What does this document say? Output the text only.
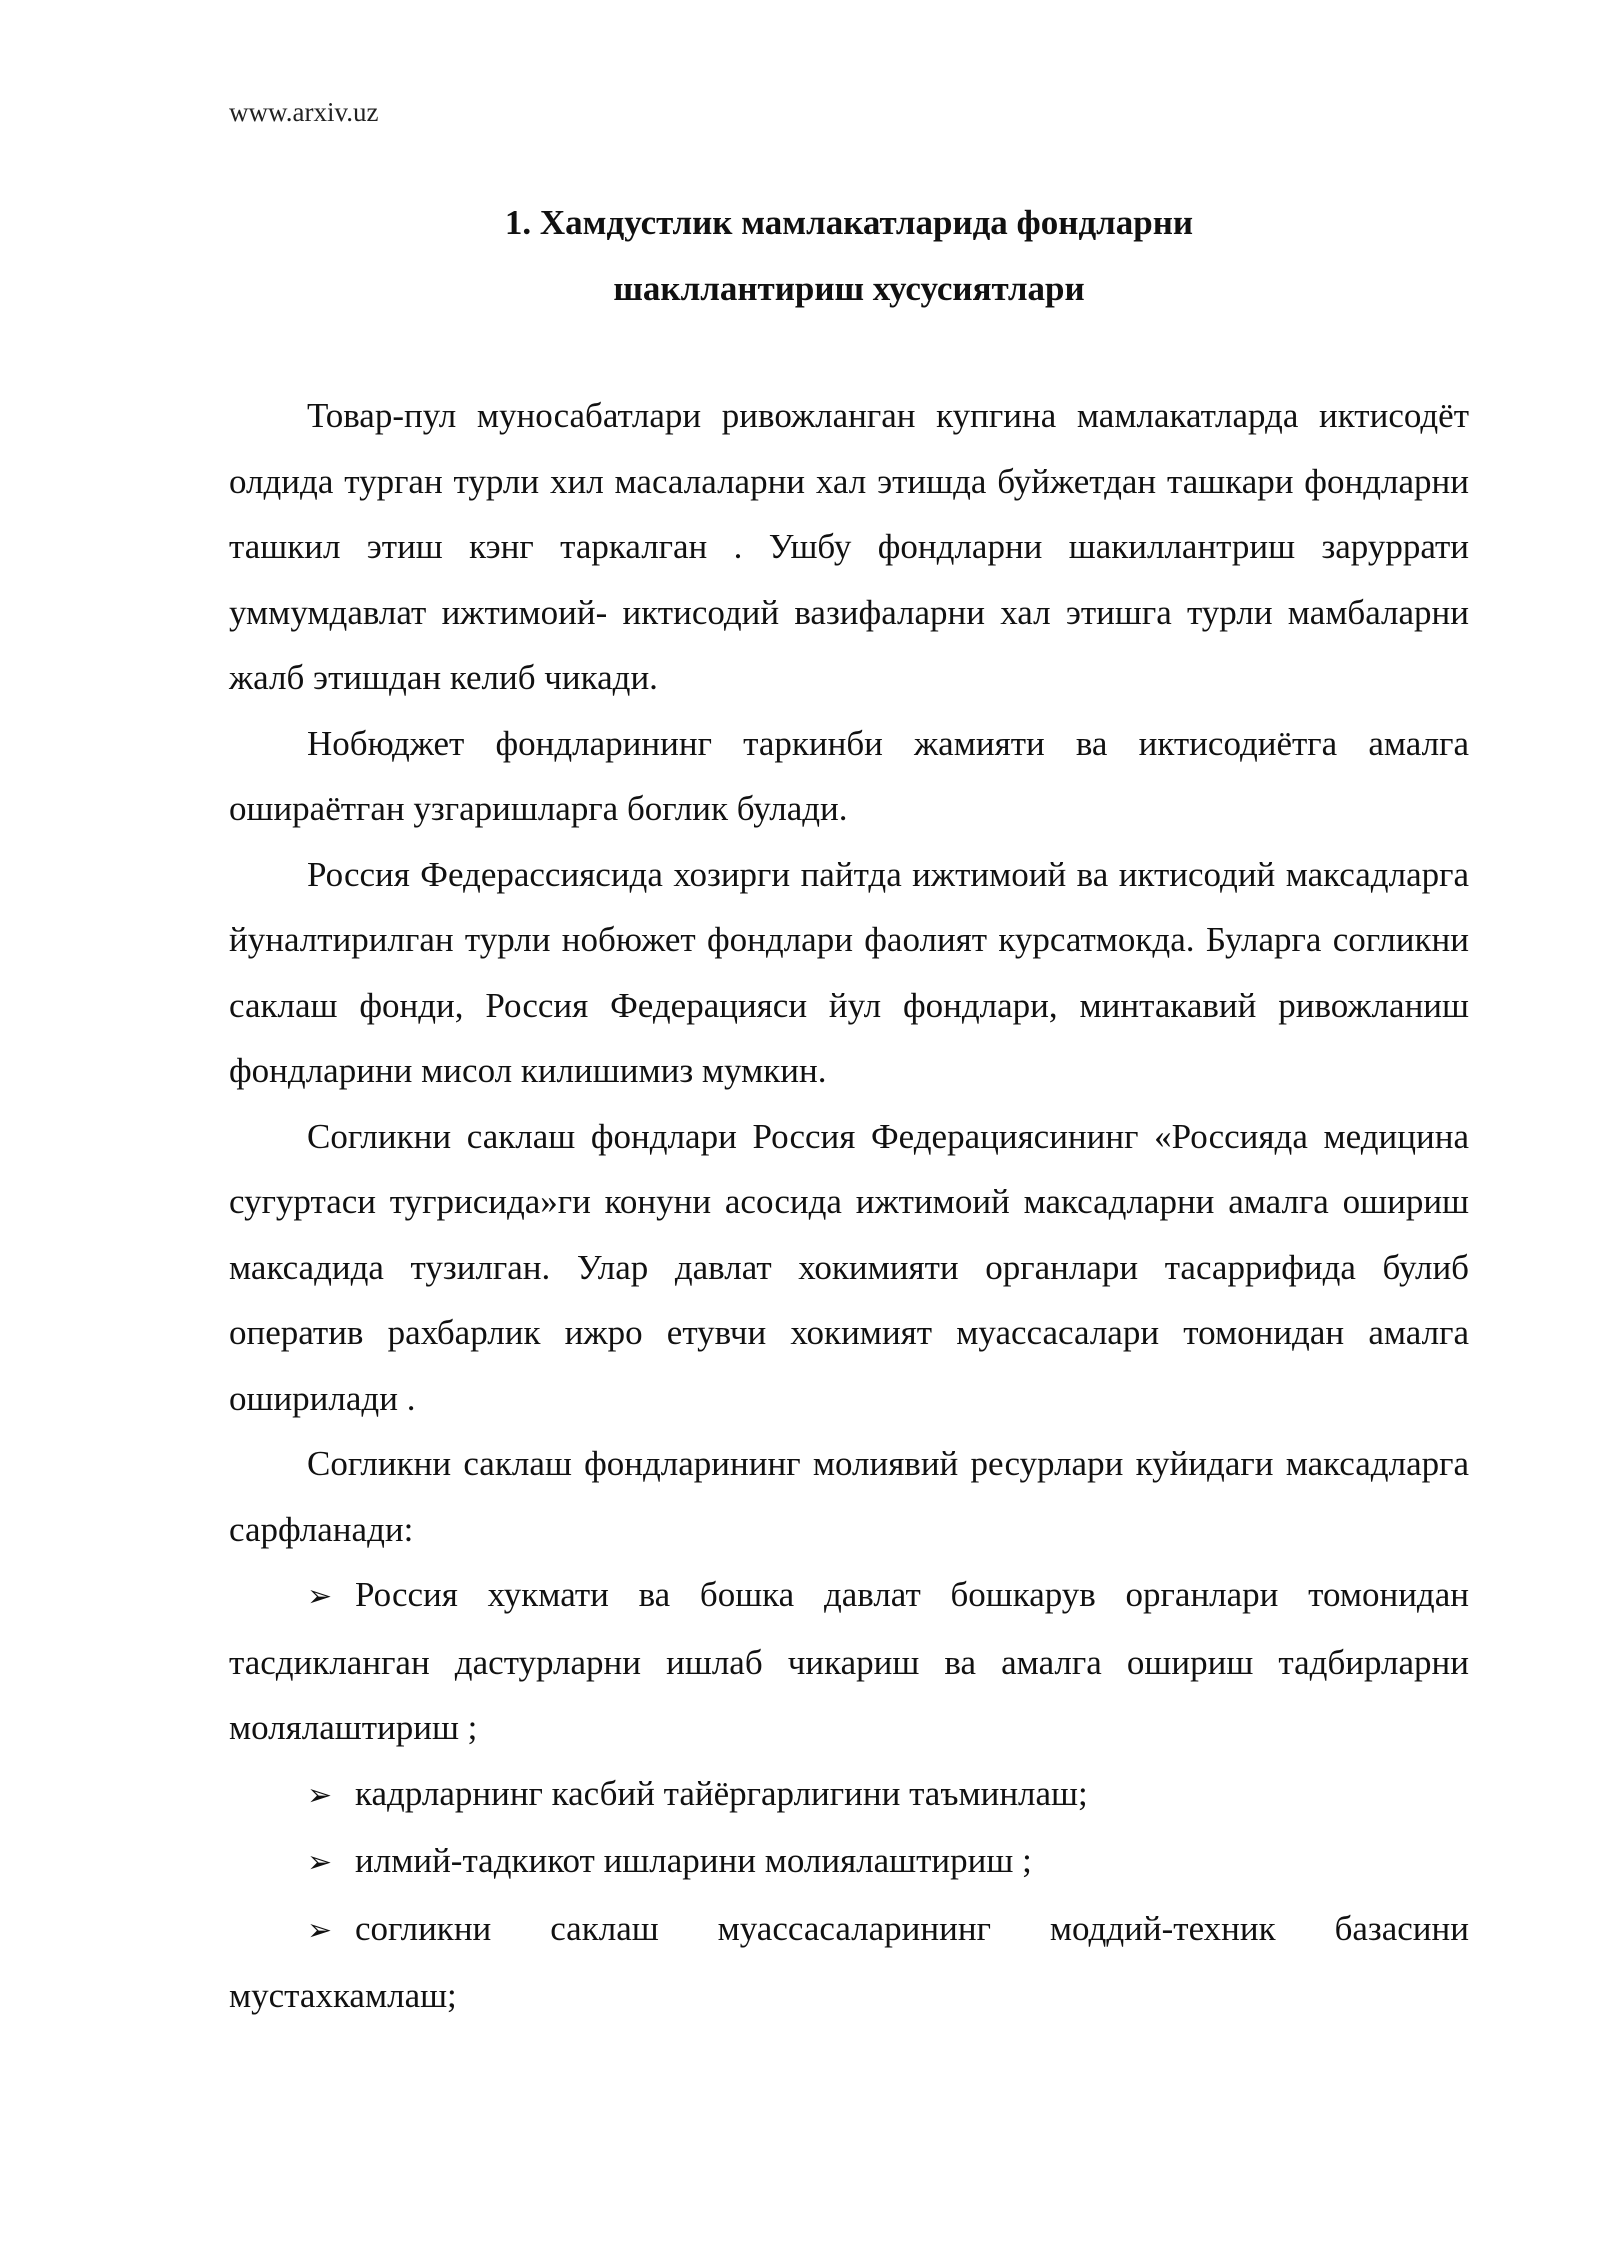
www.arxiv.uz
1. Хамдустлик мамлакатларида фондларни
шакллантириш хусусиятлари

Товар-пул муносабатлари ривожланган купгина мамлакатларда иктисодёт олдида турган турли хил масалаларни хал этишда буйжетдан ташкари фондларни ташкил этиш кэнг таркалган . Ушбу фондларни шакиллантриш заруррати уммумдавлат ижтимоий- иктисодий вазифаларни хал этишга турли мамбаларни жалб этишдан келиб чикади.

Нобюджет фондларининг таркинби жамияти ва иктисодиётга амалга ошираётган узгаришларга боглик булади.

Россия Федерассиясида хозирги пайтда ижтимоий ва иктисодий максадларга йуналтирилган турли нобюжет фондлари фаолият курсатмокда. Буларга согликни саклаш фонди, Россия Федерацияси йул фондлари, минтакавий ривожланиш фондларини мисол килишимиз мумкин.

Согликни саклаш фондлари Россия Федерациясининг «Россияда медицина сугуртаси тугрисида»ги конуни асосида ижтимоий максадларни амалга ошириш максадида тузилган. Улар давлат хокимияти органлари тасаррифида булиб оператив рахбарлик ижро етувчи хокимият муассасалари томонидан амалга оширилади .

Согликни саклаш фондларининг молиявий ресурлари куйидаги максадларга сарфланади:

➢ Россия хукмати ва бошка давлат бошкарув органлари томонидан тасдикланган дастурларни ишлаб чикариш ва амалга ошириш тадбирларни молялаштириш ;

➢ кадрларнинг касбий тайёргарлигини таъминлаш;

➢ илмий-тадкикот ишларини молиялаштириш ;

➢ согликни саклаш муассасаларининг моддий-техник базасини мустахкамлаш;
